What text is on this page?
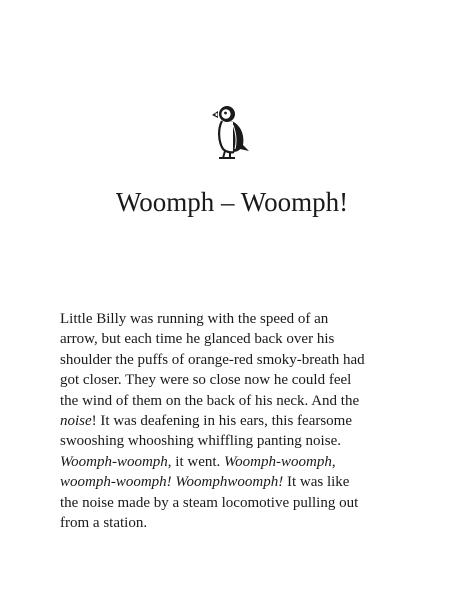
Woomph – Woomph!

Little Billy was running with the speed of an
arrow, but each time he glanced back over his
shoulder the puffs of orange-red smoky-breath had
got closer. They were so close now he could feel
the wind of them on the back of his neck. And the
noise! It was deafening in his ears, this fearsome
swooshing whooshing whiffling panting noise.
Woomph-woomph, it went. Woomph-woomph,
woomph-woomph! Woomphwoomph! It was like
the noise made by a steam locomotive pulling out
from a station.
